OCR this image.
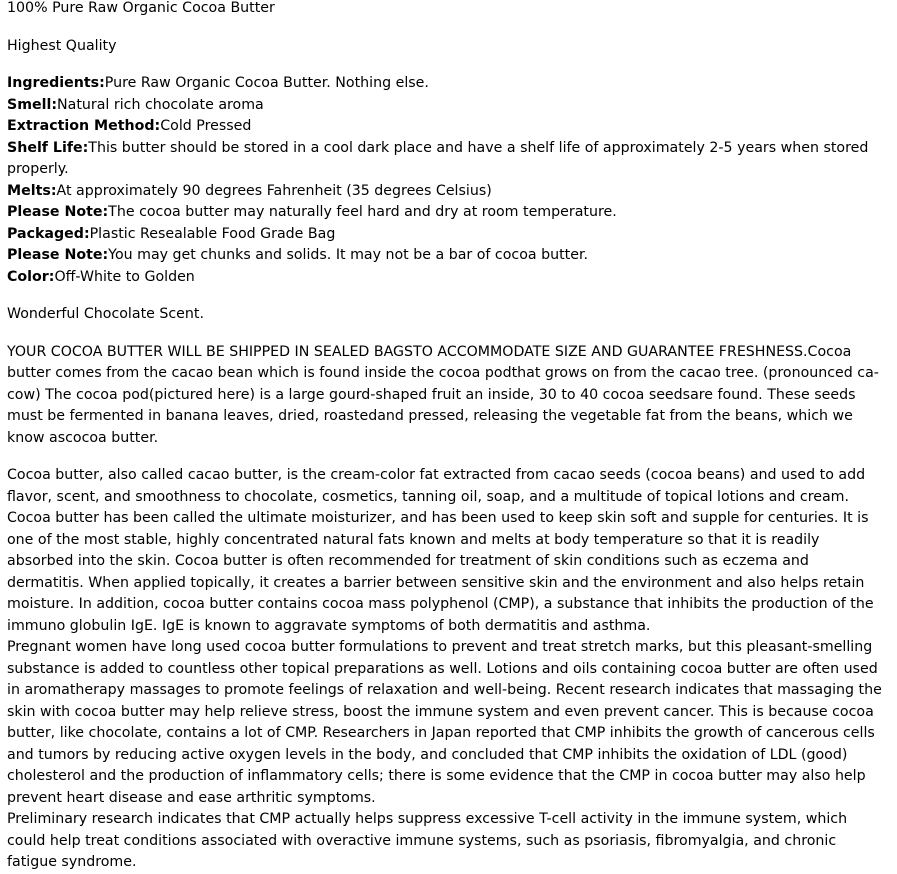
100% Pure Raw Organic Cocoa Butter

Highest Quality

Ingredients:Pure Raw Organic Cocoa Butter. Nothing else.

Smell:Natural rich chocolate aroma

Extraction Method:Cold Pressed

Shelf Life:This butter should be stored in a cool dark place and have a shelf life of approximately 2-5 years when stored properly.

Melts:At approximately 90 degrees Fahrenheit (35 degrees Celsius)

Please Note:The cocoa butter may naturally feel hard and dry at room temperature.

Packaged:Plastic Resealable Food Grade Bag

Please Note:You may get chunks and solids. It may not be a bar of cocoa butter.

Color:Off-White to Golden

Wonderful Chocolate Scent.

YOUR COCOA BUTTER WILL BE SHIPPED IN SEALED BAGSTO ACCOMMODATE SIZE AND GUARANTEE FRESHNESS.Cocoa butter comes from the cacao bean which is found inside the cocoa podthat grows on from the cacao tree. (pronounced ca-cow) The cocoa pod(pictured here) is a large gourd-shaped fruit an inside, 30 to 40 cocoa seedsare found. These seeds must be fermented in banana leaves, dried, roastedand pressed, releasing the vegetable fat from the beans, which we know ascocoa butter.

Cocoa butter, also called cacao butter, is the cream-color fat extracted from cacao seeds (cocoa beans) and used to add flavor, scent, and smoothness to chocolate, cosmetics, tanning oil, soap, and a multitude of topical lotions and cream. Cocoa butter has been called the ultimate moisturizer, and has been used to keep skin soft and supple for centuries. It is one of the most stable, highly concentrated natural fats known and melts at body temperature so that it is readily absorbed into the skin. Cocoa butter is often recommended for treatment of skin conditions such as eczema and dermatitis. When applied topically, it creates a barrier between sensitive skin and the environment and also helps retain moisture. In addition, cocoa butter contains cocoa mass polyphenol (CMP), a substance that inhibits the production of the immuno globulin IgE. IgE is known to aggravate symptoms of both dermatitis and asthma.

Pregnant women have long used cocoa butter formulations to prevent and treat stretch marks, but this pleasant-smelling substance is added to countless other topical preparations as well. Lotions and oils containing cocoa butter are often used in aromatherapy massages to promote feelings of relaxation and well-being. Recent research indicates that massaging the skin with cocoa butter may help relieve stress, boost the immune system and even prevent cancer. This is because cocoa butter, like chocolate, contains a lot of CMP. Researchers in Japan reported that CMP inhibits the growth of cancerous cells and tumors by reducing active oxygen levels in the body, and concluded that CMP inhibits the oxidation of LDL (good) cholesterol and the production of inflammatory cells; there is some evidence that the CMP in cocoa butter may also help prevent heart disease and ease arthritic symptoms.

Preliminary research indicates that CMP actually helps suppress excessive T-cell activity in the immune system, which could help treat conditions associated with overactive immune systems, such as psoriasis, fibromyalgia, and chronic fatigue syndrome.
